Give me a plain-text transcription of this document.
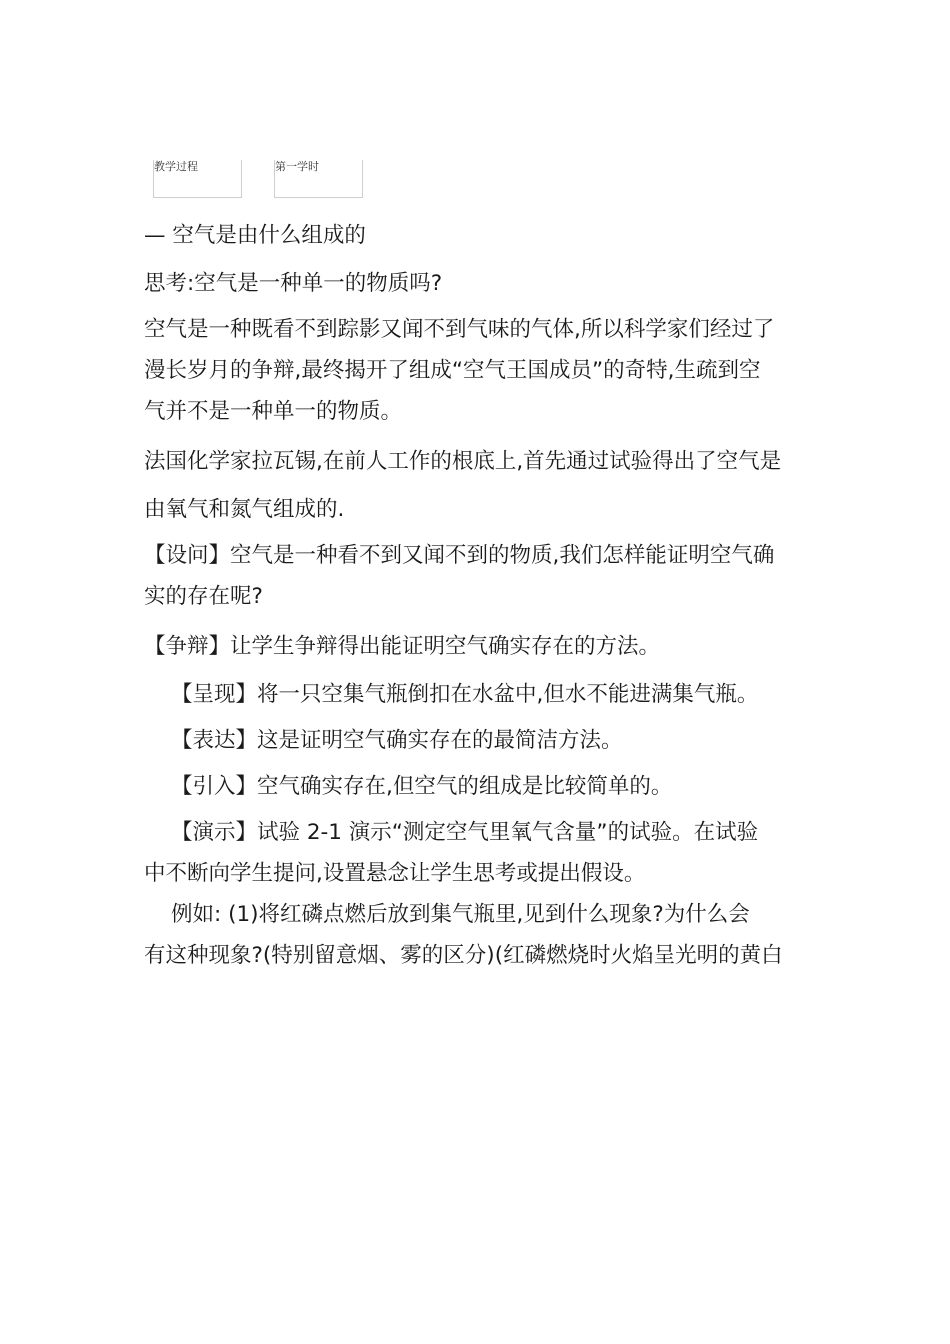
教学过程	第一学时

— 空气是由什么组成的

思考:空气是一种单一的物质吗?

空气是一种既看不到踪影又闻不到气味的气体,所以科学家们经过了

漫长岁月的争辩,最终揭开了组成“空气王国成员”的奇特,生疏到空

气并不是一种单一的物质。

法国化学家拉瓦锡,在前人工作的根底上,首先通过试验得出了空气是

由氧气和氮气组成的.

【设问】空气是一种看不到又闻不到的物质,我们怎样能证明空气确

实的存在呢?

【争辩】让学生争辩得出能证明空气确实存在的方法。

【呈现】将一只空集气瓶倒扣在水盆中,但水不能进满集气瓶。

【表达】这是证明空气确实存在的最简洁方法。

【引入】空气确实存在,但空气的组成是比较简单的。

【演示】试验 2-1 演示“测定空气里氧气含量”的试验。在试验

中不断向学生提问,设置悬念让学生思考或提出假设。

例如: (1)将红磷点燃后放到集气瓶里,见到什么现象?为什么会

有这种现象?(特别留意烟、雾的区分)(红磷燃烧时火焰呈光明的黄白
